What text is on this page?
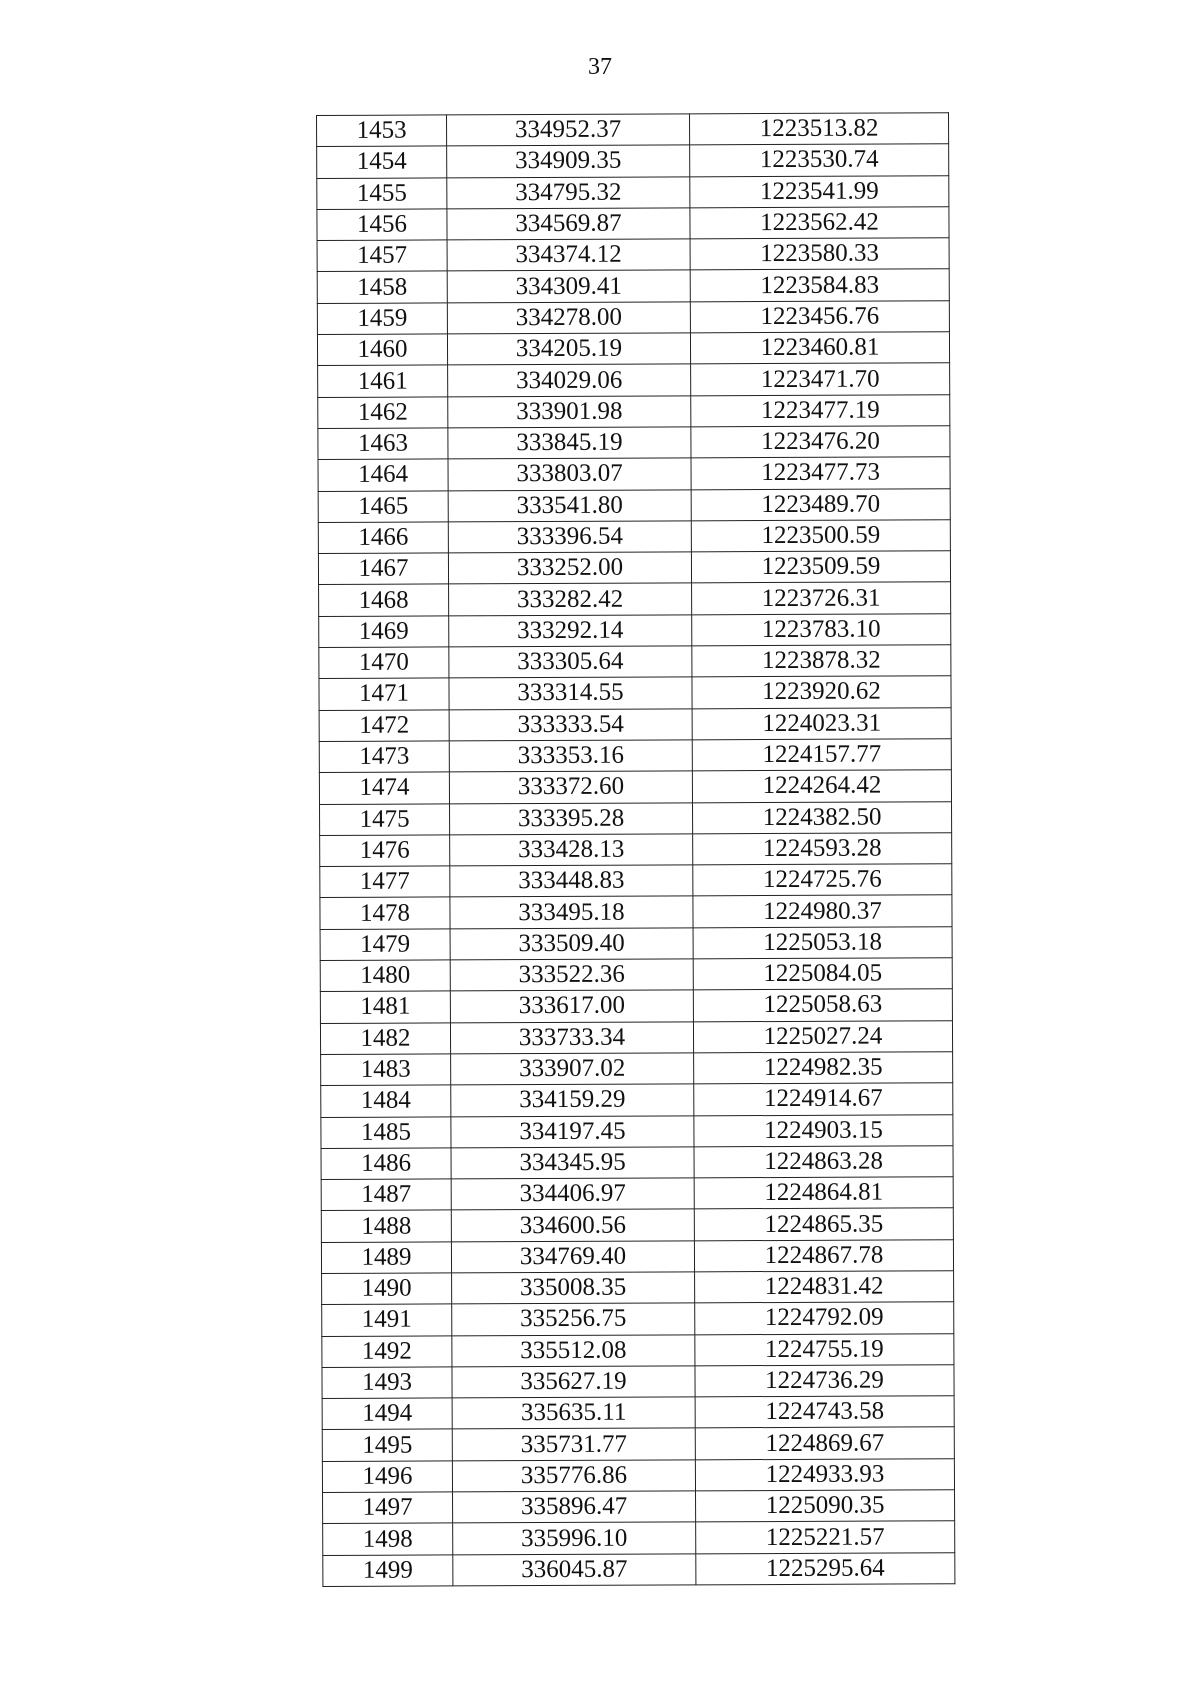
37
1453	334952.37	1223513.82
1454	334909.35	1223530.74
1455	334795.32	1223541.99
1456	334569.87	1223562.42
1457	334374.12	1223580.33
1458	334309.41	1223584.83
1459	334278.00	1223456.76
1460	334205.19	1223460.81
1461	334029.06	1223471.70
1462	333901.98	1223477.19
1463	333845.19	1223476.20
1464	333803.07	1223477.73
1465	333541.80	1223489.70
1466	333396.54	1223500.59
1467	333252.00	1223509.59
1468	333282.42	1223726.31
1469	333292.14	1223783.10
1470	333305.64	1223878.32
1471	333314.55	1223920.62
1472	333333.54	1224023.31
1473	333353.16	1224157.77
1474	333372.60	1224264.42
1475	333395.28	1224382.50
1476	333428.13	1224593.28
1477	333448.83	1224725.76
1478	333495.18	1224980.37
1479	333509.40	1225053.18
1480	333522.36	1225084.05
1481	333617.00	1225058.63
1482	333733.34	1225027.24
1483	333907.02	1224982.35
1484	334159.29	1224914.67
1485	334197.45	1224903.15
1486	334345.95	1224863.28
1487	334406.97	1224864.81
1488	334600.56	1224865.35
1489	334769.40	1224867.78
1490	335008.35	1224831.42
1491	335256.75	1224792.09
1492	335512.08	1224755.19
1493	335627.19	1224736.29
1494	335635.11	1224743.58
1495	335731.77	1224869.67
1496	335776.86	1224933.93
1497	335896.47	1225090.35
1498	335996.10	1225221.57
1499	336045.87	1225295.64
